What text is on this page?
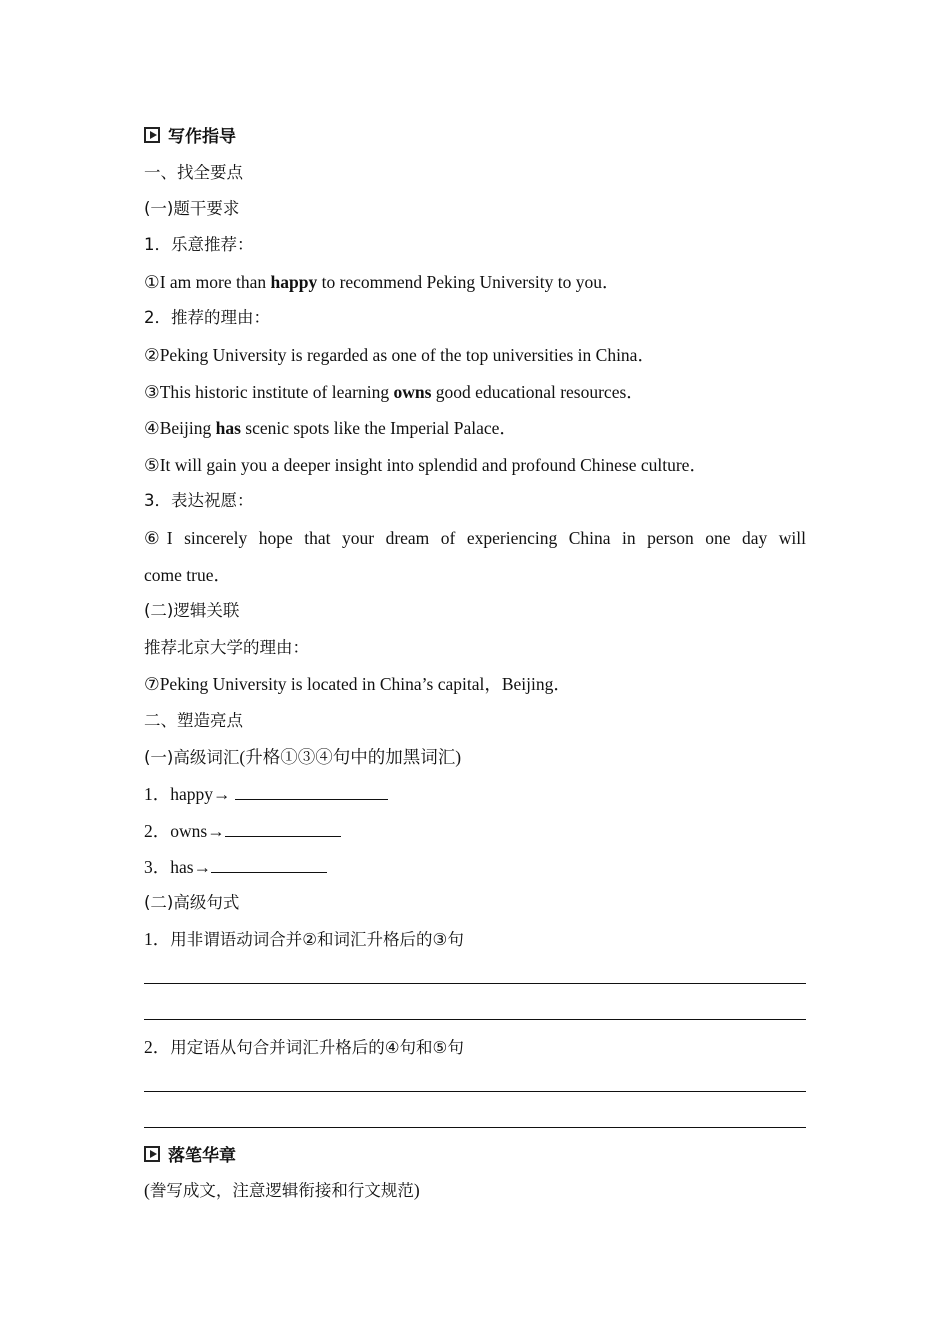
写作指导
一、找全要点
(一)题干要求
1．乐意推荐：
①I am more than happy to recommend Peking University to you．
2．推荐的理由：
②Peking University is regarded as one of the top universities in China．
③This historic institute of learning owns good educational resources．
④Beijing has scenic spots like the Imperial Palace．
⑤It will gain you a deeper insight into splendid and profound Chinese culture．
3．表达祝愿：
⑥I sincerely hope that your dream of experiencing China in person one day will
come true．
(二)逻辑关联
推荐北京大学的理由：
⑦Peking University is located in China’s capital，Beijing．
二、塑造亮点
(一)高级词汇(升格①③④句中的加黑词汇)
1．happy→
2．owns→
3．has→
(二)高级句式
1．用非谓语动词合并②和词汇升格后的③句
2．用定语从句合并词汇升格后的④句和⑤句
落笔华章
(誊写成文，注意逻辑衔接和行文规范)
